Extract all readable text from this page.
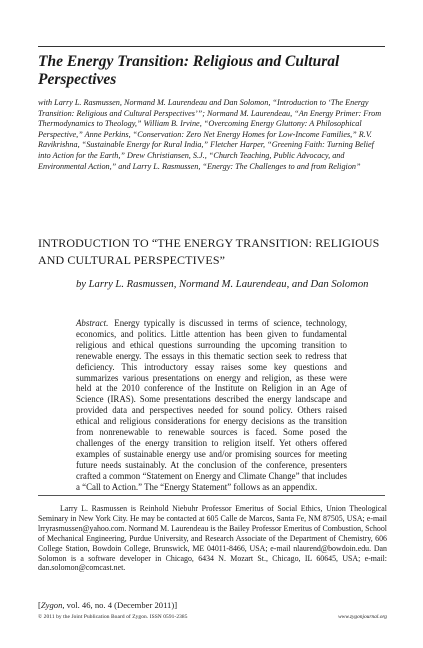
The Energy Transition: Religious and Cultural Perspectives
with Larry L. Rasmussen, Normand M. Laurendeau and Dan Solomon, “Introduction to ‘The Energy Transition: Religious and Cultural Perspectives’”; Normand M. Laurendeau, “An Energy Primer: From Thermodynamics to Theology,” William B. Irvine, “Overcoming Energy Gluttony: A Philosophical Perspective,” Anne Perkins, “Conservation: Zero Net Energy Homes for Low-Income Families,” R.V. Ravikrishna, “Sustainable Energy for Rural India,” Fletcher Harper, “Greening Faith: Turning Belief into Action for the Earth,” Drew Christiansen, S.J., “Church Teaching, Public Advocacy, and Environmental Action,” and Larry L. Rasmussen, “Energy: The Challenges to and from Religion”
INTRODUCTION TO “THE ENERGY TRANSITION: RELIGIOUS AND CULTURAL PERSPECTIVES”
by Larry L. Rasmussen, Normand M. Laurendeau, and Dan Solomon
Abstract. Energy typically is discussed in terms of science, technology, economics, and politics. Little attention has been given to fundamental religious and ethical questions surrounding the upcoming transition to renewable energy. The essays in this thematic section seek to redress that deficiency. This introductory essay raises some key questions and summarizes various presentations on energy and religion, as these were held at the 2010 conference of the Institute on Religion in an Age of Science (IRAS). Some presentations described the energy landscape and provided data and perspectives needed for sound policy. Others raised ethical and religious considerations for energy decisions as the transition from nonrenewable to renewable sources is faced. Some posed the challenges of the energy transition to religion itself. Yet others offered examples of sustainable energy use and/or promising sources for meeting future needs sustainably. At the conclusion of the conference, presenters crafted a common “Statement on Energy and Climate Change” that includes a “Call to Action.” The “Energy Statement” follows as an appendix.
Larry L. Rasmussen is Reinhold Niebuhr Professor Emeritus of Social Ethics, Union Theological Seminary in New York City. He may be contacted at 605 Calle de Marcos, Santa Fe, NM 87505, USA; e-mail lrryrasmussen@yahoo.com. Normand M. Laurendeau is the Bailey Professor Emeritus of Combustion, School of Mechanical Engineering, Purdue University, and Research Associate of the Department of Chemistry, 606 College Station, Bowdoin College, Brunswick, ME 04011-8466, USA; e-mail nlaurend@bowdoin.edu. Dan Solomon is a software developer in Chicago, 6434 N. Mozart St., Chicago, IL 60645, USA; e-mail: dan.solomon@comcast.net.
[Zygon, vol. 46, no. 4 (December 2011)]
© 2011 by the Joint Publication Board of Zygon. ISSN 0591-2385	www.zygonjournal.org
